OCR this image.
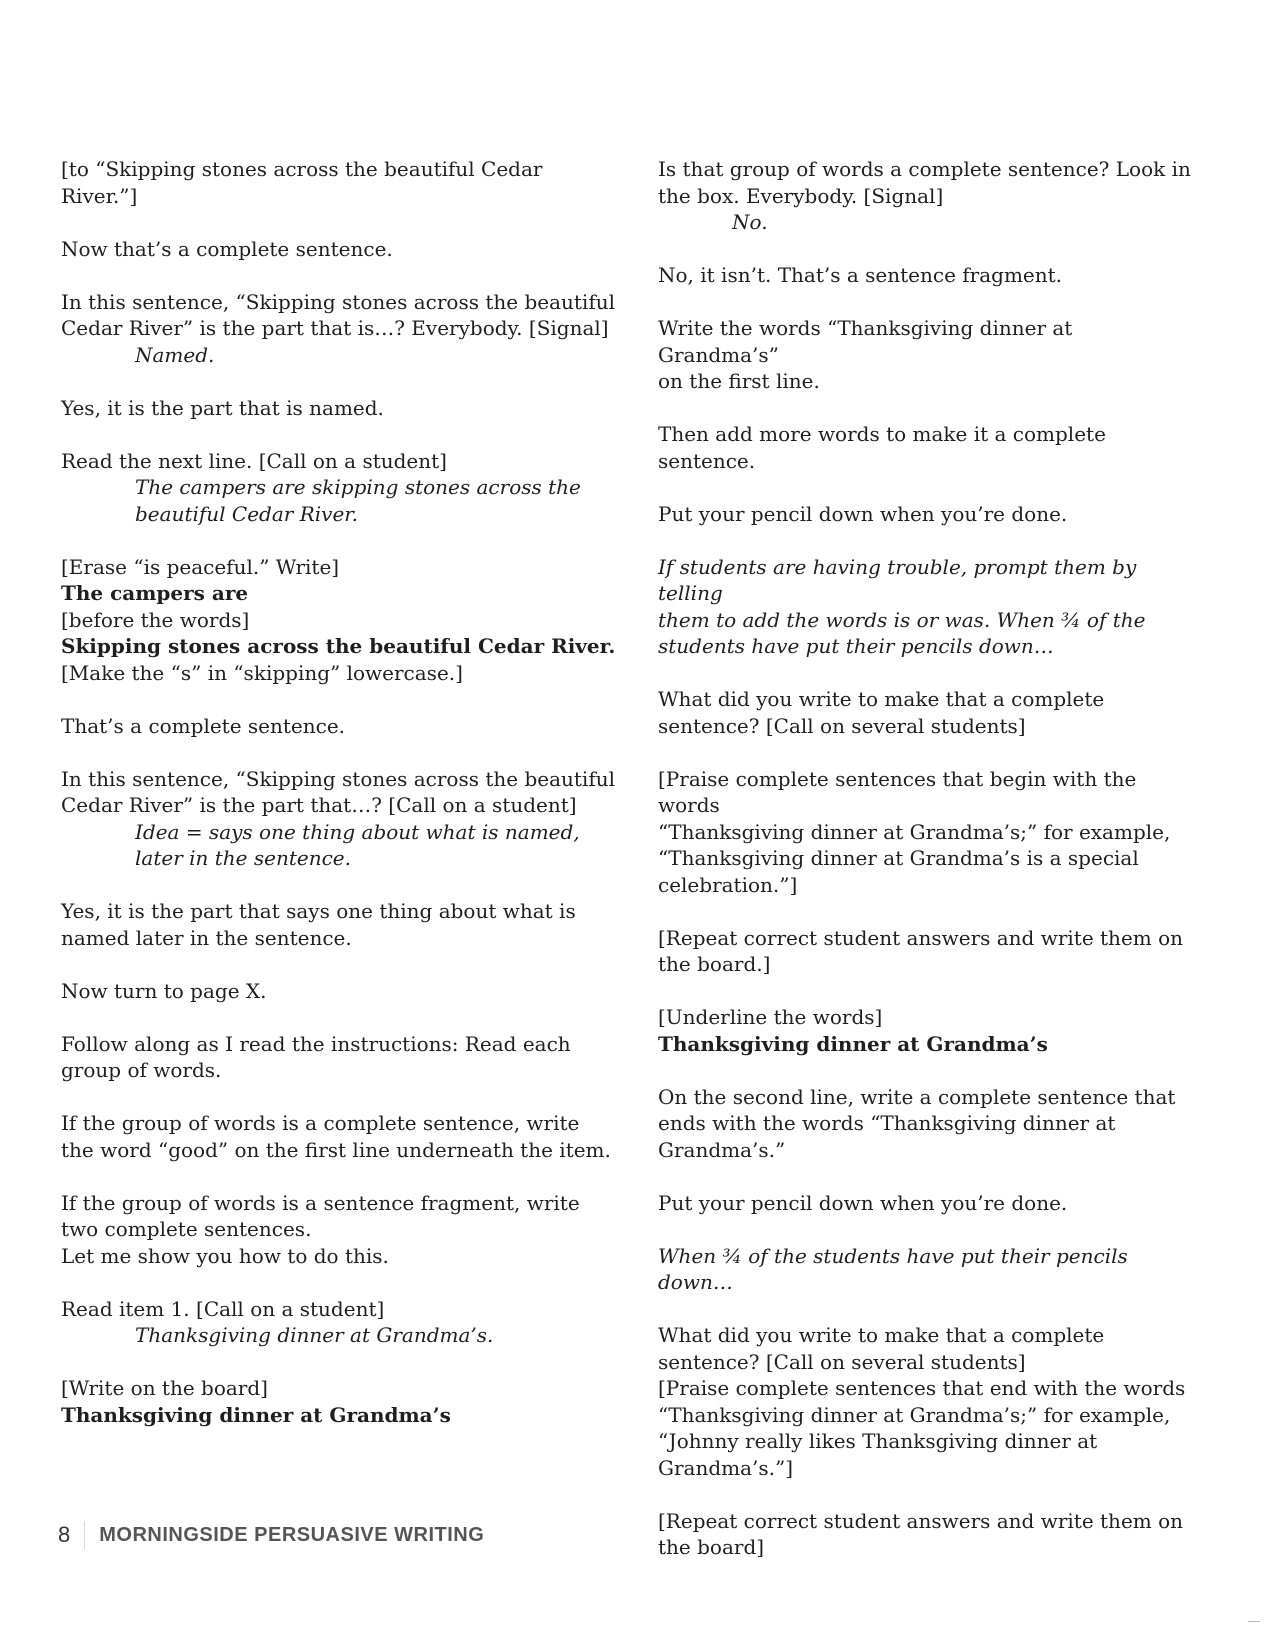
[to “Skipping stones across the beautiful Cedar
River.”]
Now that’s a complete sentence.
In this sentence, “Skipping stones across the beautiful
Cedar River” is the part that is…? Everybody. [Signal]
Named.
Yes, it is the part that is named.
Read the next line. [Call on a student]
The campers are skipping stones across the
beautiful Cedar River.
[Erase “is peaceful.” Write]
The campers are
[before the words]
Skipping stones across the beautiful Cedar River.
[Make the “s” in “skipping” lowercase.]
That’s a complete sentence.
In this sentence, “Skipping stones across the beautiful
Cedar River” is the part that…? [Call on a student]
Idea = says one thing about what is named,
later in the sentence.
Yes, it is the part that says one thing about what is
named later in the sentence.
Now turn to page X.
Follow along as I read the instructions: Read each
group of words.
If the group of words is a complete sentence, write
the word “good” on the first line underneath the item.
If the group of words is a sentence fragment, write
two complete sentences.
Let me show you how to do this.
Read item 1. [Call on a student]
Thanksgiving dinner at Grandma’s.
[Write on the board]
Thanksgiving dinner at Grandma’s
Is that group of words a complete sentence? Look in
the box. Everybody. [Signal]
No.
No, it isn’t. That’s a sentence fragment.
Write the words “Thanksgiving dinner at Grandma’s”
on the first line.
Then add more words to make it a complete
sentence.
Put your pencil down when you’re done.
If students are having trouble, prompt them by telling
them to add the words is or was. When ¾ of the
students have put their pencils down…
What did you write to make that a complete
sentence? [Call on several students]
[Praise complete sentences that begin with the words
“Thanksgiving dinner at Grandma’s;” for example,
“Thanksgiving dinner at Grandma’s is a special
celebration.”]
[Repeat correct student answers and write them on
the board.]
[Underline the words]
Thanksgiving dinner at Grandma’s
On the second line, write a complete sentence that
ends with the words “Thanksgiving dinner at
Grandma’s.”
Put your pencil down when you’re done.
When ¾ of the students have put their pencils down…
What did you write to make that a complete
sentence? [Call on several students]
[Praise complete sentences that end with the words
“Thanksgiving dinner at Grandma’s;” for example,
“Johnny really likes Thanksgiving dinner at
Grandma’s.”]
[Repeat correct student answers and write them on
the board]
8	MORNINGSIDE PERSUASIVE WRITING
